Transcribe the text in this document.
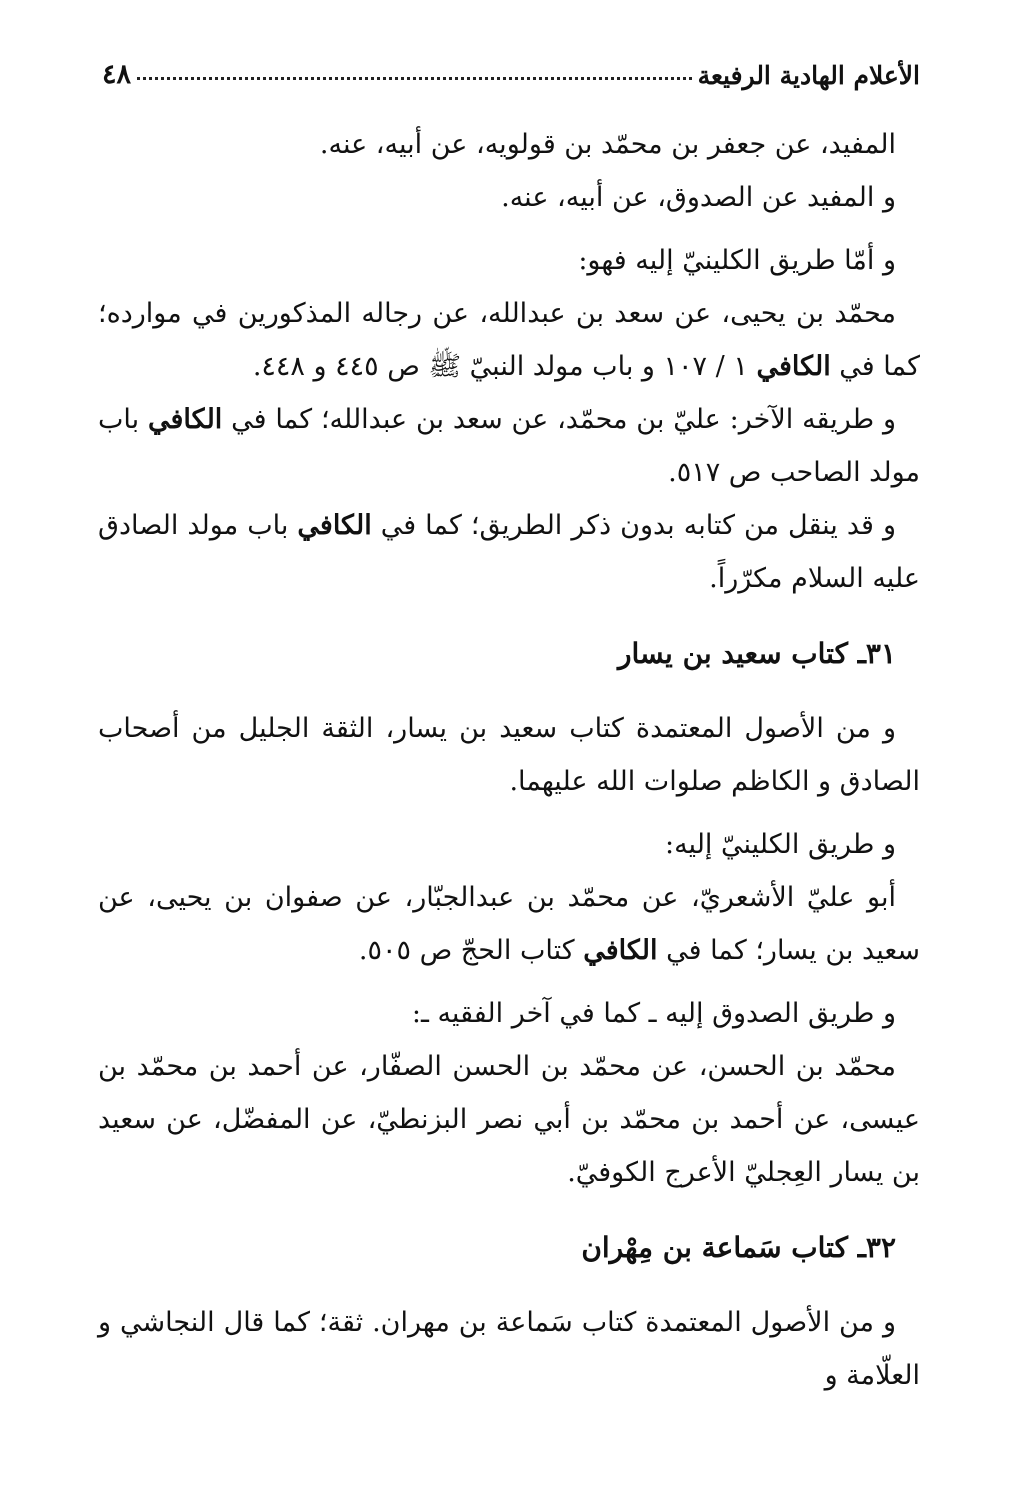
الأعلام الهادية الرفيعة
٤٨

المفيد، عن جعفر بن محمّد بن قولويه، عن أبيه، عنه.

و المفيد عن الصدوق، عن أبيه، عنه.

و أمّا طريق الكلينيّ إليه فهو:

محمّد بن يحيى، عن سعد بن عبدالله، عن رجاله المذكورين في موارده؛ كما في الكافي ١ / ١٠٧ و باب مولد النبيّ ﷺ ص ٤٤٥ و ٤٤٨.

و طريقه الآخر: عليّ بن محمّد، عن سعد بن عبدالله؛ كما في الكافي باب مولد الصاحب ص ٥١٧.

و قد ينقل من كتابه بدون ذكر الطريق؛ كما في الكافي باب مولد الصادق عليه السلام مكرّراً.

٣١ـ كتاب سعيد بن يسار

و من الأصول المعتمدة كتاب سعيد بن يسار، الثقة الجليل من أصحاب الصادق و الكاظم صلوات الله عليهما.

و طريق الكلينيّ إليه:

أبو عليّ الأشعريّ، عن محمّد بن عبدالجبّار، عن صفوان بن يحيى، عن سعيد بن يسار؛ كما في الكافي كتاب الحجّ ص ٥٠٥.

و طريق الصدوق إليه ـ كما في آخر الفقيه ـ:

محمّد بن الحسن، عن محمّد بن الحسن الصفّار، عن أحمد بن محمّد بن عيسى، عن أحمد بن محمّد بن أبي نصر البزنطيّ، عن المفضّل، عن سعيد بن يسار العِجليّ الأعرج الكوفيّ.

٣٢ـ كتاب سَماعة بن مِهْران

و من الأصول المعتمدة كتاب سَماعة بن مهران. ثقة؛ كما قال النجاشي و العلّامة و
